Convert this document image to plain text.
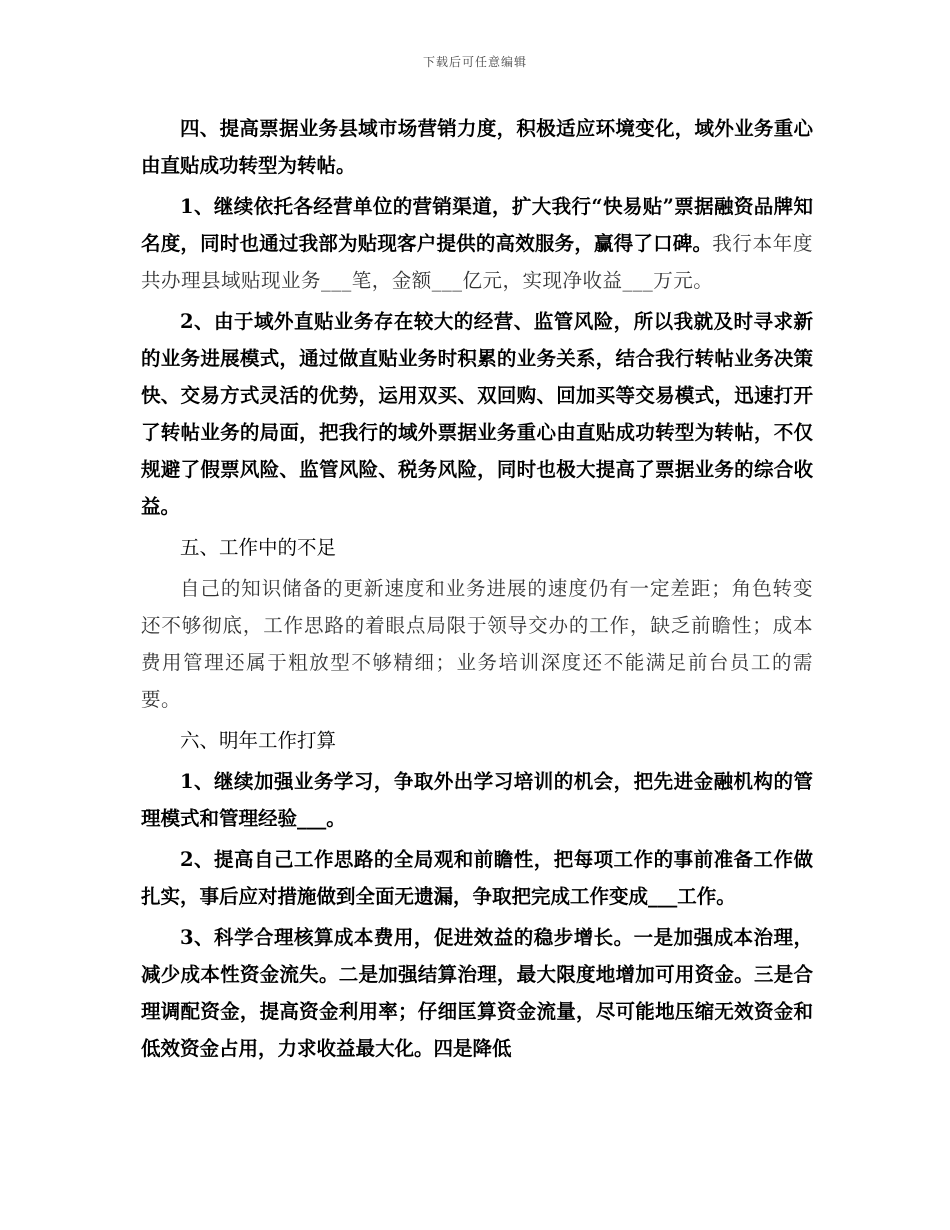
下载后可任意编辑

四、提高票据业务县域市场营销力度，积极适应环境变化，域外业务重心由直贴成功转型为转帖。

1、继续依托各经营单位的营销渠道，扩大我行“快易贴”票据融资品牌知名度，同时也通过我部为贴现客户提供的高效服务，赢得了口碑。我行本年度共办理县域贴现业务___笔，金额___亿元，实现净收益___万元。

2、由于域外直贴业务存在较大的经营、监管风险，所以我就及时寻求新的业务进展模式，通过做直贴业务时积累的业务关系，结合我行转帖业务决策快、交易方式灵活的优势，运用双买、双回购、回加买等交易模式，迅速打开了转帖业务的局面，把我行的域外票据业务重心由直贴成功转型为转帖，不仅规避了假票风险、监管风险、税务风险，同时也极大提高了票据业务的综合收益。

五、工作中的不足

自己的知识储备的更新速度和业务进展的速度仍有一定差距；角色转变还不够彻底，工作思路的着眼点局限于领导交办的工作，缺乏前瞻性；成本费用管理还属于粗放型不够精细；业务培训深度还不能满足前台员工的需要。

六、明年工作打算

1、继续加强业务学习，争取外出学习培训的机会，把先进金融机构的管理模式和管理经验___。

2、提高自己工作思路的全局观和前瞻性，把每项工作的事前准备工作做扎实，事后应对措施做到全面无遗漏，争取把完成工作变成___工作。

3、科学合理核算成本费用，促进效益的稳步增长。一是加强成本治理，减少成本性资金流失。二是加强结算治理，最大限度地增加可用资金。三是合理调配资金，提高资金利用率；仔细匡算资金流量，尽可能地压缩无效资金和低效资金占用，力求收益最大化。四是降低
